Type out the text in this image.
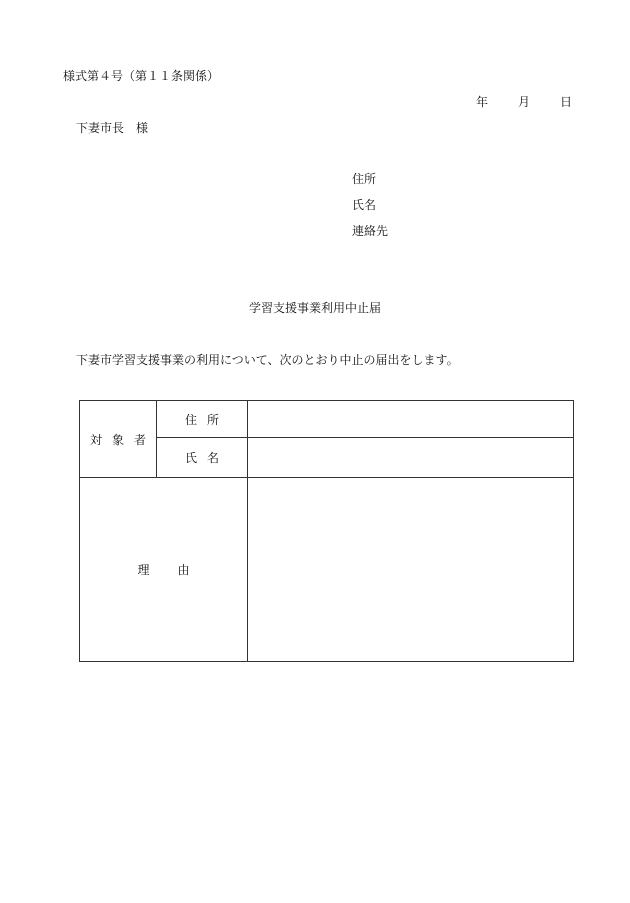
様式第４号（第１１条関係）
年	月	日
下妻市長　様
住所
氏名
連絡先
学習支援事業利用中止届
下妻市学習支援事業の利用について、次のとおり中止の届出をします。
対象者	住所	
	氏名	
理由		
